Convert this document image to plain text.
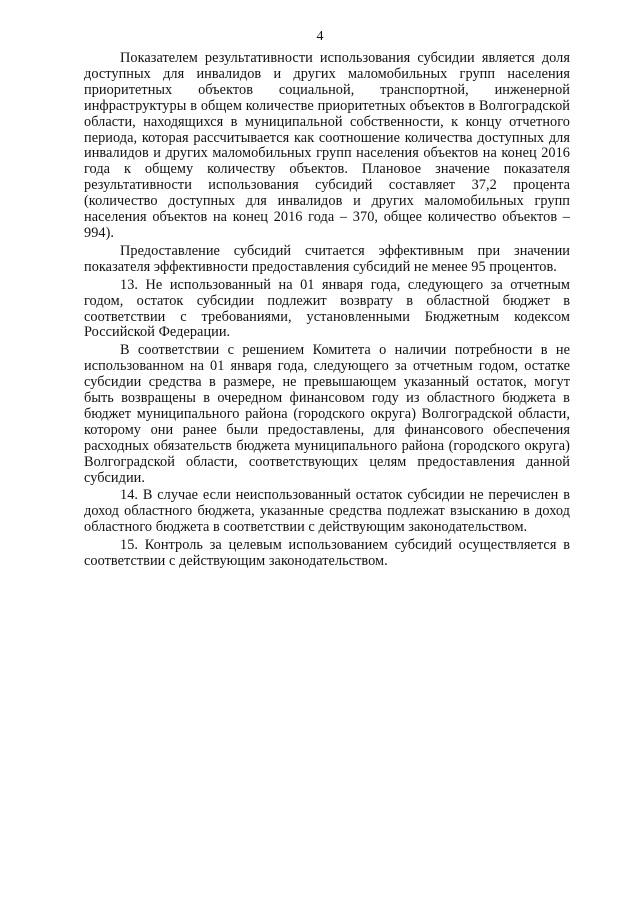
4

Показателем результативности использования субсидии является доля доступных для инвалидов и других маломобильных групп населения приоритетных объектов социальной, транспортной, инженерной инфраструктуры в общем количестве приоритетных объектов в Волгоградской области, находящихся в муниципальной собственности, к концу отчетного периода, которая рассчитывается как соотношение количества доступных для инвалидов и других маломобильных групп населения объектов на конец 2016 года к общему количеству объектов. Плановое значение показателя результативности использования субсидий составляет 37,2 процента (количество доступных для инвалидов и других маломобильных групп населения объектов на конец 2016 года – 370, общее количество объектов – 994).

Предоставление субсидий считается эффективным при значении показателя эффективности предоставления субсидий не менее 95 процентов.

13. Не использованный на 01 января года, следующего за отчетным годом, остаток субсидии подлежит возврату в областной бюджет в соответствии с требованиями, установленными Бюджетным кодексом Российской Федерации.

В соответствии с решением Комитета о наличии потребности в не использованном на 01 января года, следующего за отчетным годом, остатке субсидии средства в размере, не превышающем указанный остаток, могут быть возвращены в очередном финансовом году из областного бюджета в бюджет муниципального района (городского округа) Волгоградской области, которому они ранее были предоставлены, для финансового обеспечения расходных обязательств бюджета муниципального района (городского округа) Волгоградской области, соответствующих целям предоставления данной субсидии.

14. В случае если неиспользованный остаток субсидии не перечислен в доход областного бюджета, указанные средства подлежат взысканию в доход областного бюджета в соответствии с действующим законодательством.

15. Контроль за целевым использованием субсидий осуществляется в соответствии с действующим законодательством.
